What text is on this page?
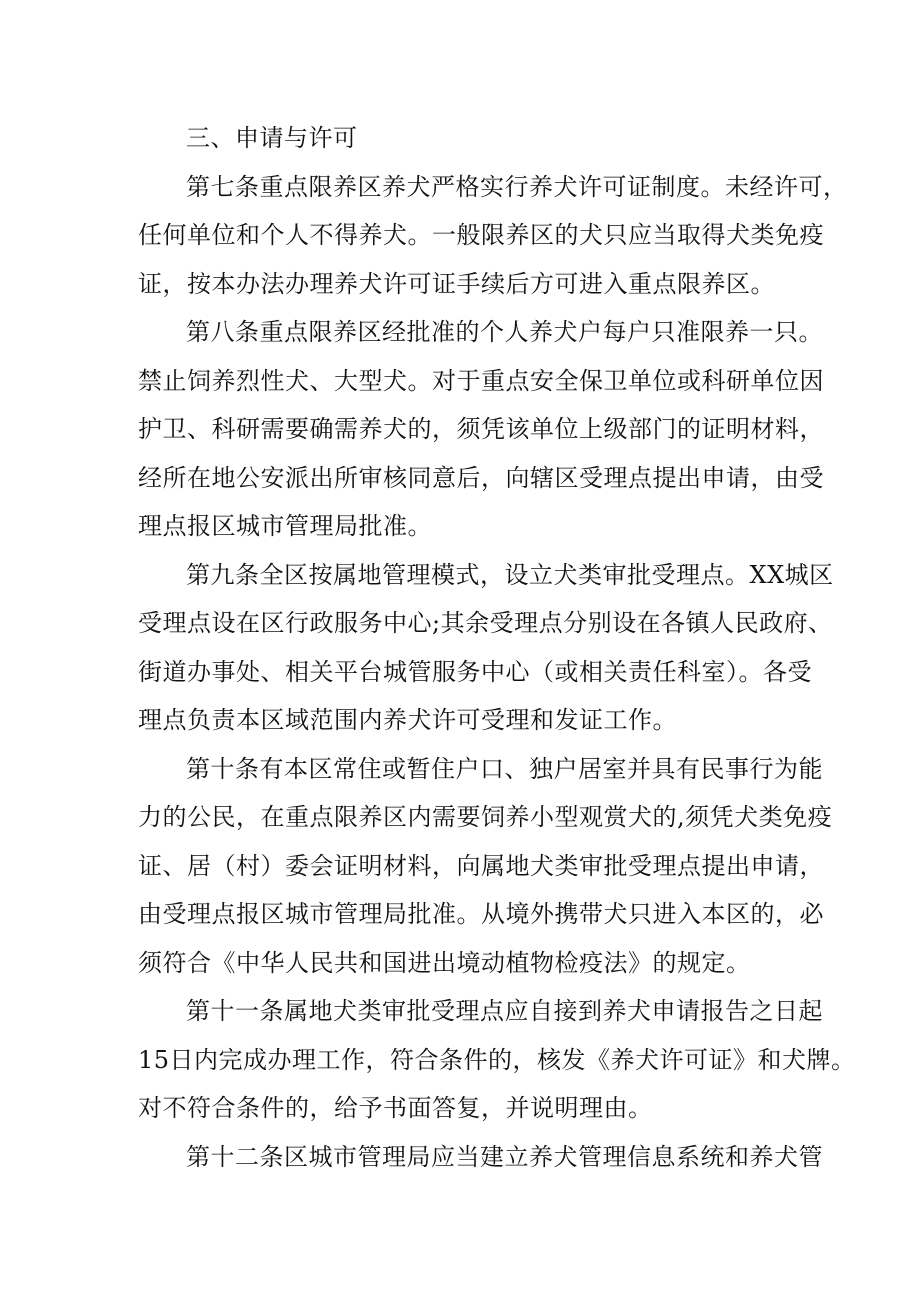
三、申请与许可
第七条重点限养区养犬严格实行养犬许可证制度。未经许可，
任何单位和个人不得养犬。一般限养区的犬只应当取得犬类免疫
证，按本办法办理养犬许可证手续后方可进入重点限养区。
第八条重点限养区经批准的个人养犬户每户只准限养一只。
禁止饲养烈性犬、大型犬。对于重点安全保卫单位或科研单位因
护卫、科研需要确需养犬的，须凭该单位上级部门的证明材料，
经所在地公安派出所审核同意后，向辖区受理点提出申请，由受
理点报区城市管理局批准。
第九条全区按属地管理模式，设立犬类审批受理点。XX城区
受理点设在区行政服务中心;其余受理点分别设在各镇人民政府、
街道办事处、相关平台城管服务中心（或相关责任科室）。各受
理点负责本区域范围内养犬许可受理和发证工作。
第十条有本区常住或暂住户口、独户居室并具有民事行为能
力的公民，在重点限养区内需要饲养小型观赏犬的,须凭犬类免疫
证、居（村）委会证明材料，向属地犬类审批受理点提出申请，
由受理点报区城市管理局批准。从境外携带犬只进入本区的，必
须符合《中华人民共和国进出境动植物检疫法》的规定。
第十一条属地犬类审批受理点应自接到养犬申请报告之日起
15日内完成办理工作，符合条件的，核发《养犬许可证》和犬牌。
对不符合条件的，给予书面答复，并说明理由。
第十二条区城市管理局应当建立养犬管理信息系统和养犬管
